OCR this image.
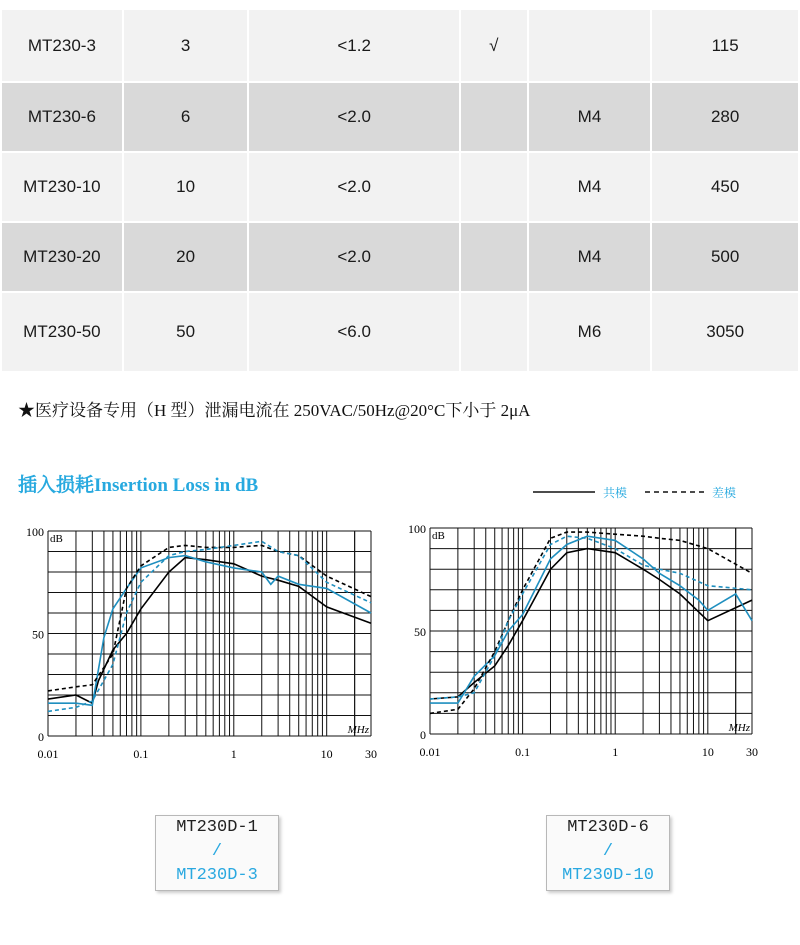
MT230-3	3	<1.2	√		115
MT230-6	6	<2.0		M4	280
MT230-10	10	<2.0		M4	450
MT230-20	20	<2.0		M4	500
MT230-50	50	<6.0		M6	3050
★医疗设备专用（H 型）泄漏电流在 250VAC/50Hz@20°C下小于 2μA
插入损耗Insertion Loss in dB	共模	差模
100
50
0
0.01	0.1	1	10	30
dB
MHz
100
50
0
0.01	0.1	1	10	30
dB
MHz
MT230D-1
/
MT230D-3
MT230D-6
/
MT230D-10
